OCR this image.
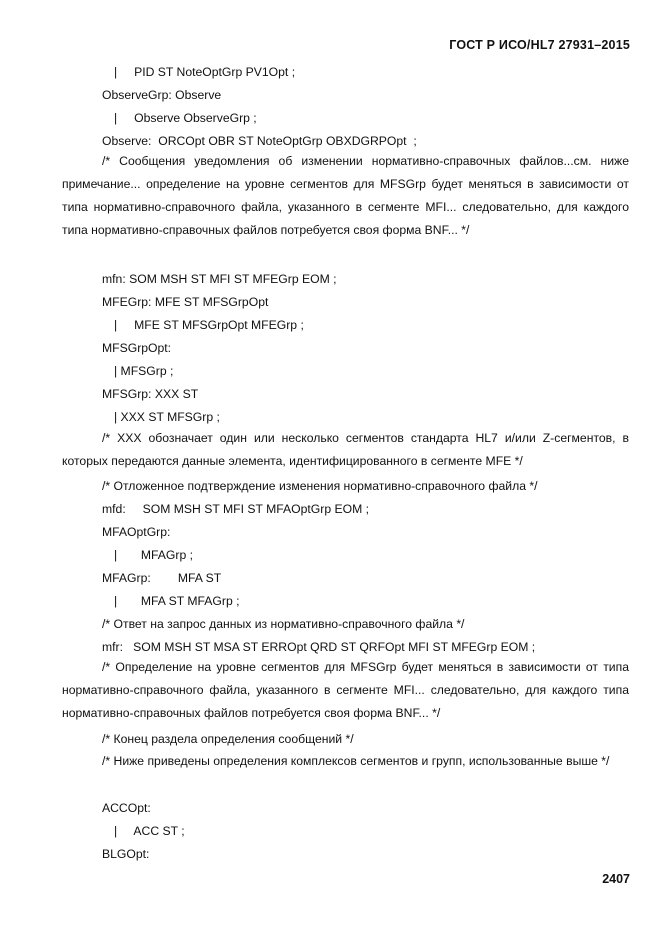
ГОСТ Р ИСО/HL7 27931–2015
|     PID ST NoteOptGrp PV1Opt ;
ObserveGrp: Observe
|     Observe ObserveGrp ;
Observe:  ORCOpt OBR ST NoteOptGrp OBXDGRPOpt  ;
/* Сообщения уведомления об изменении нормативно-справочных файлов...см. ниже примечание... определение на уровне сегментов для MFSGrp будет меняться в зависимости от типа нормативно-справочного файла, указанного в сегменте MFI... следовательно, для каждого типа нормативно-справочных файлов потребуется своя форма BNF... */
mfn: SOM MSH ST MFI ST MFEGrp EOM ;
MFEGrp: MFE ST MFSGrpOpt
|     MFE ST MFSGrpOpt MFEGrp ;
MFSGrpOpt:
| MFSGrp ;
MFSGrp: XXX ST
| XXX ST MFSGrp ;
/* XXX обозначает один или несколько сегментов стандарта HL7 и/или Z-сегментов, в которых передаются данные элемента, идентифицированного в сегменте MFE */
/* Отложенное подтверждение изменения нормативно-справочного файла */
mfd:     SOM MSH ST MFI ST MFAOptGrp EOM ;
MFAOptGrp:
|       MFAGrp ;
MFAGrp:        MFA ST
|       MFA ST MFAGrp ;
/* Ответ на запрос данных из нормативно-справочного файла */
mfr:   SOM MSH ST MSA ST ERROpt QRD ST QRFOpt MFI ST MFEGrp EOM ;
/* Определение на уровне сегментов для MFSGrp будет меняться в зависимости от типа нормативно-справочного файла, указанного в сегменте MFI... следовательно, для каждого типа нормативно-справочных файлов потребуется своя форма BNF... */
/* Конец раздела определения сообщений */
/* Ниже приведены определения комплексов сегментов и групп, использованные выше */
ACCOpt:
|     ACC ST ;
BLGOpt:
2407
